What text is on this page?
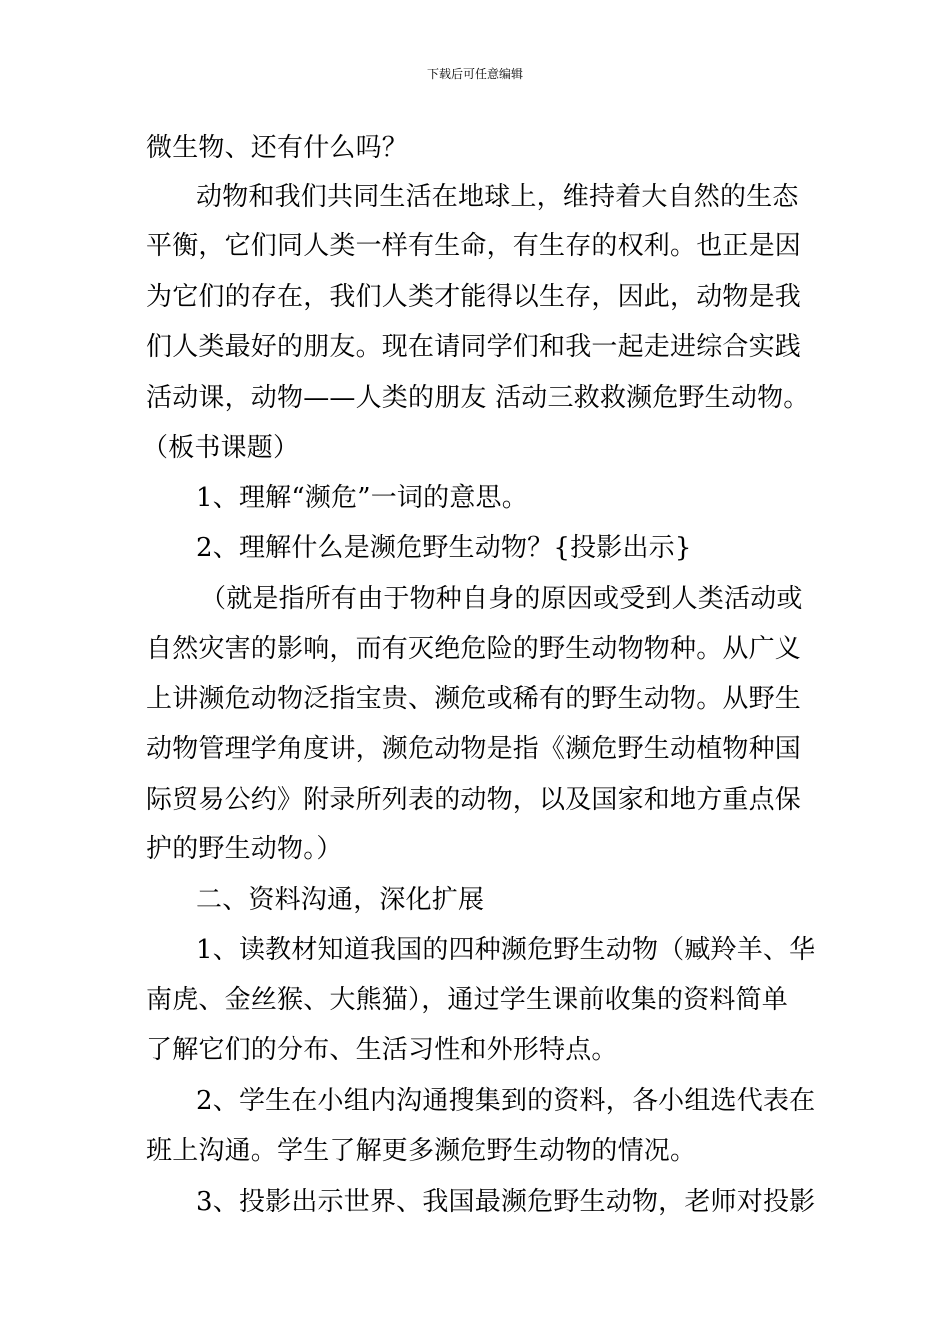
下载后可任意编辑
微生物、还有什么吗？
动物和我们共同生活在地球上，维持着大自然的生态
平衡，它们同人类一样有生命，有生存的权利。也正是因
为它们的存在，我们人类才能得以生存，因此，动物是我
们人类最好的朋友。现在请同学们和我一起走进综合实践
活动课，动物——人类的朋友 活动三救救濒危野生动物。
（板书课题）
1、理解“濒危”一词的意思。
2、理解什么是濒危野生动物？{投影出示}
（就是指所有由于物种自身的原因或受到人类活动或
自然灾害的影响，而有灭绝危险的野生动物物种。从广义
上讲濒危动物泛指宝贵、濒危或稀有的野生动物。从野生
动物管理学角度讲，濒危动物是指《濒危野生动植物种国
际贸易公约》附录所列表的动物，以及国家和地方重点保
护的野生动物。）
二、资料沟通，深化扩展
1、读教材知道我国的四种濒危野生动物（臧羚羊、华
南虎、金丝猴、大熊猫），通过学生课前收集的资料简单
了解它们的分布、生活习性和外形特点。
2、学生在小组内沟通搜集到的资料，各小组选代表在
班上沟通。学生了解更多濒危野生动物的情况。
3、投影出示世界、我国最濒危野生动物，老师对投影
